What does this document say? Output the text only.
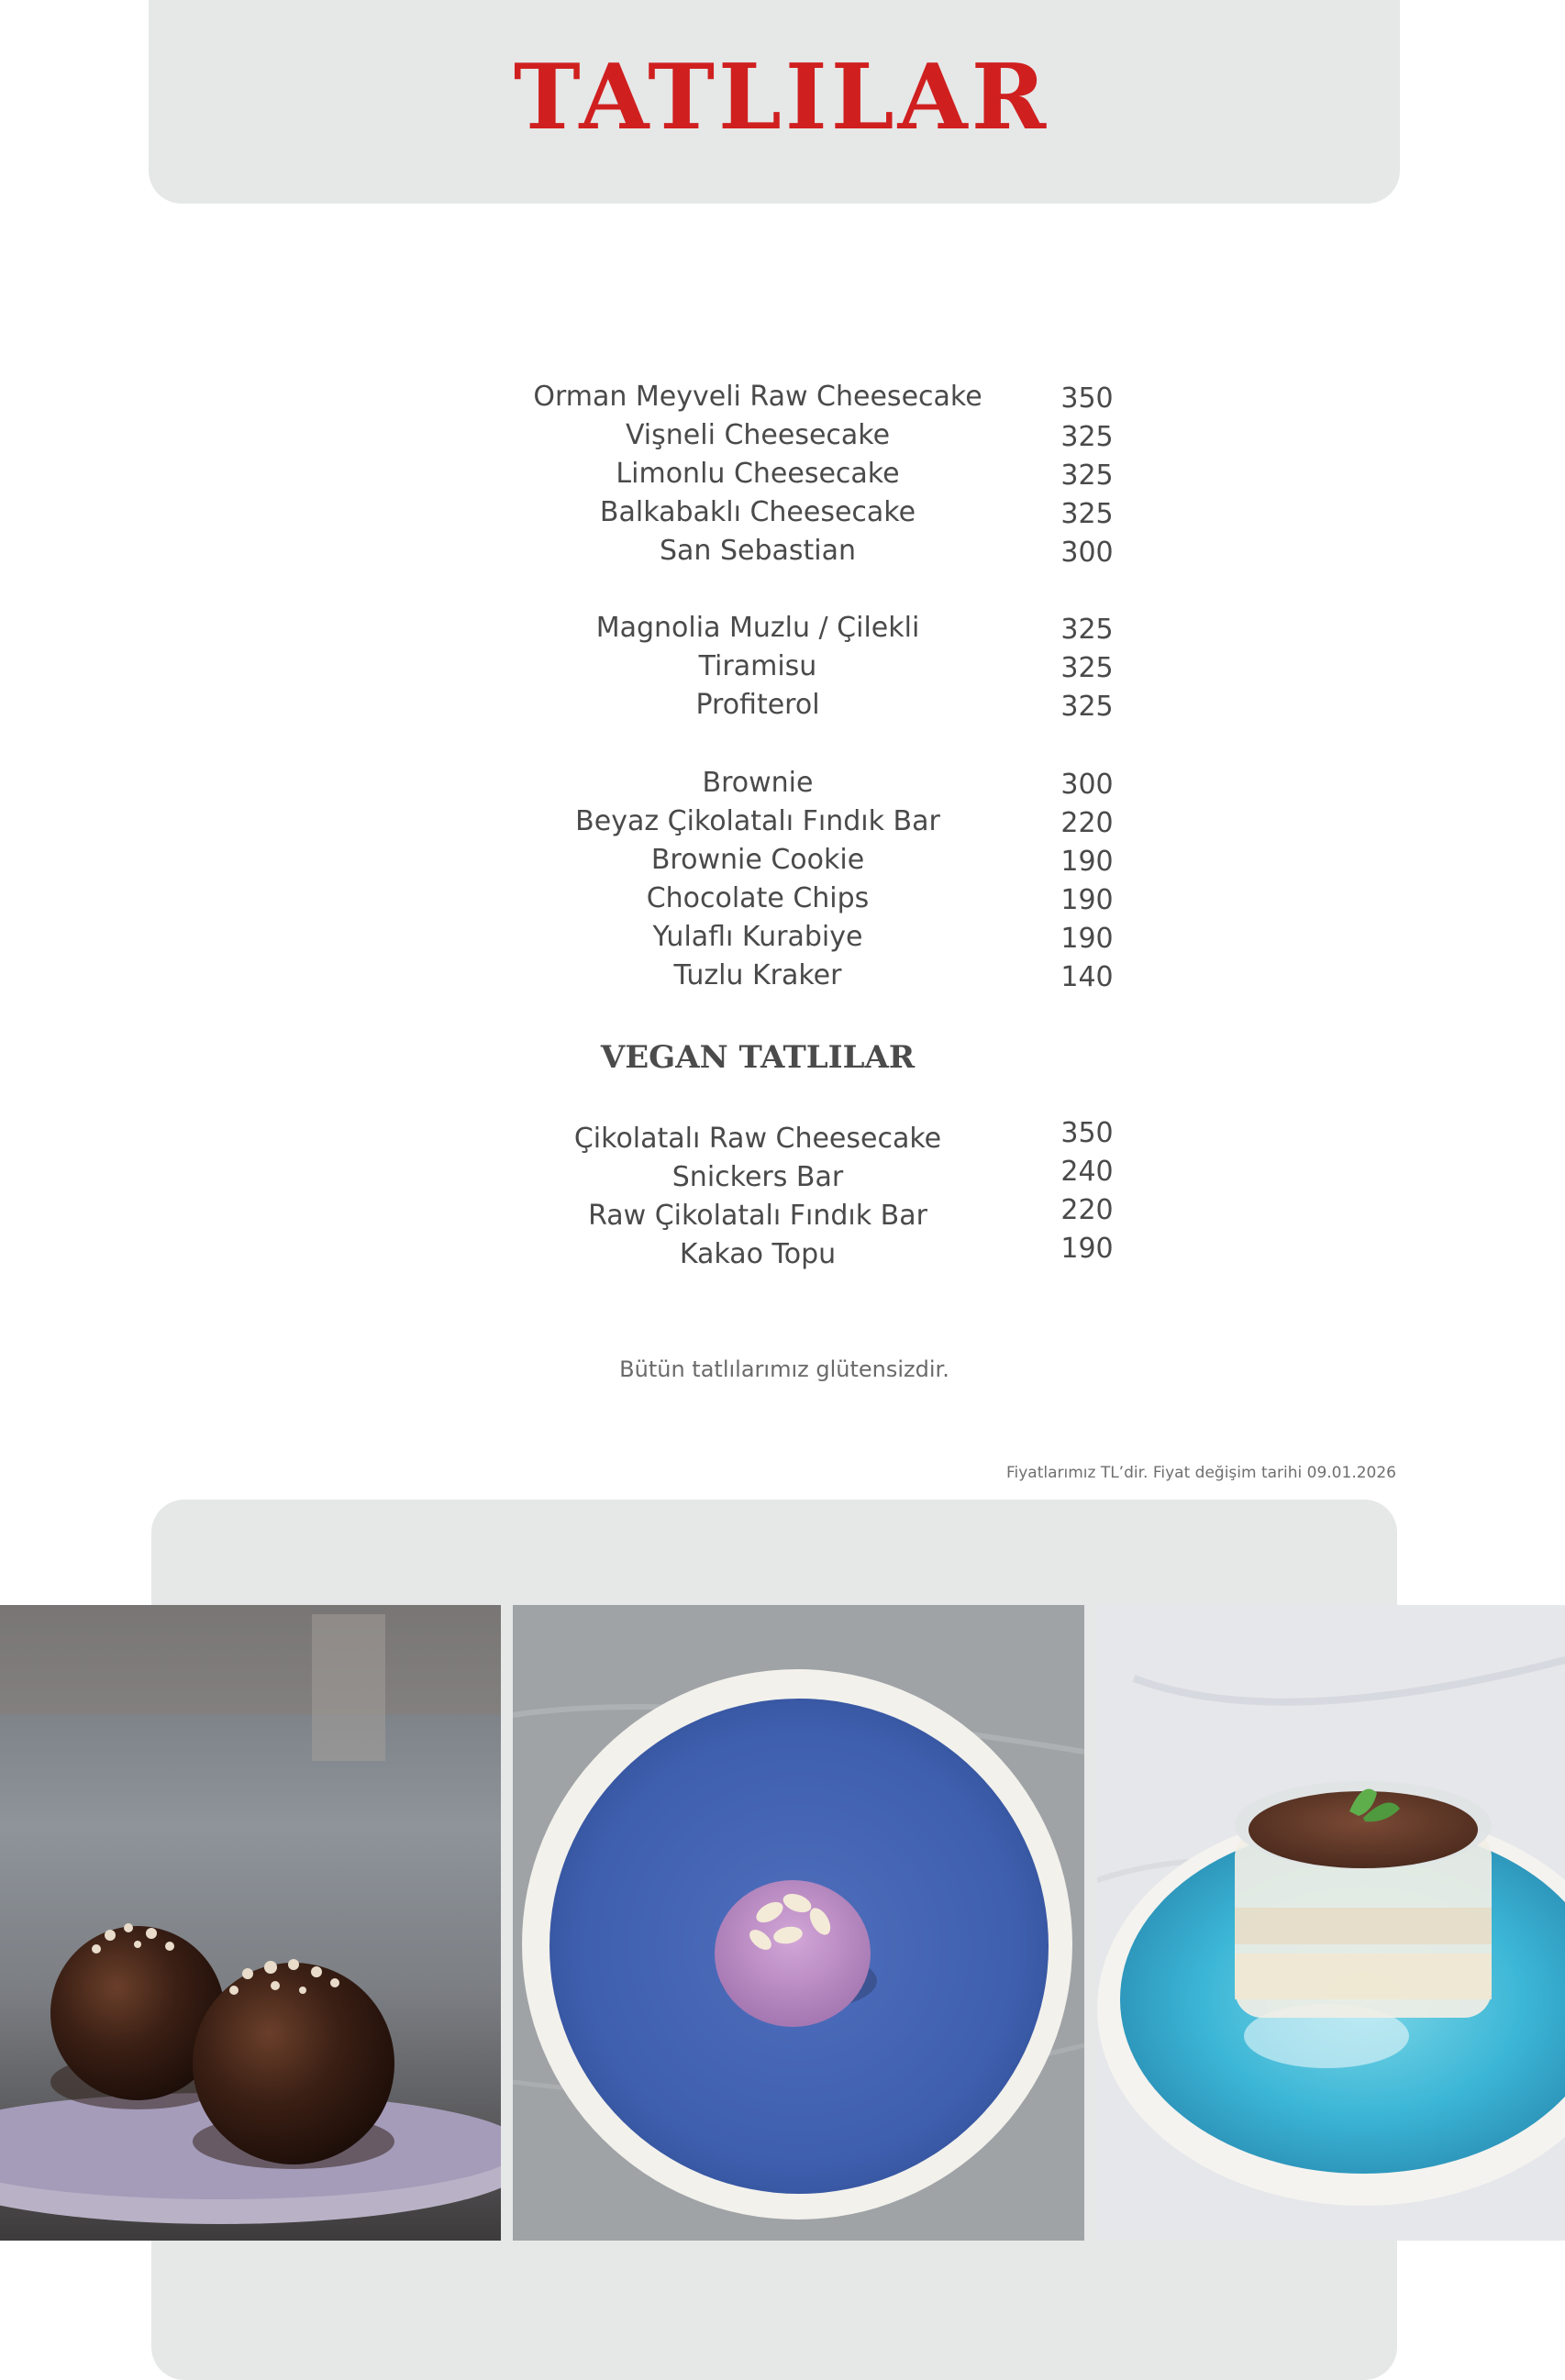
TATLILAR
Orman Meyveli Raw Cheesecake	350
Vişneli Cheesecake	325
Limonlu Cheesecake	325
Balkabaklı Cheesecake	325
San Sebastian	300
Magnolia Muzlu / Çilekli	325
Tiramisu	325
Profiterol	325
Brownie	300
Beyaz Çikolatalı Fındık Bar	220
Brownie Cookie	190
Chocolate Chips	190
Yulaflı Kurabiye	190
Tuzlu Kraker	140
VEGAN TATLILAR
Çikolatalı Raw Cheesecake	350
Snickers Bar	240
Raw Çikolatalı Fındık Bar	220
Kakao Topu	190
Bütün tatlılarımız glütensizdir.
Fiyatlarımız TL’dir. Fiyat değişim tarihi 09.01.2026
